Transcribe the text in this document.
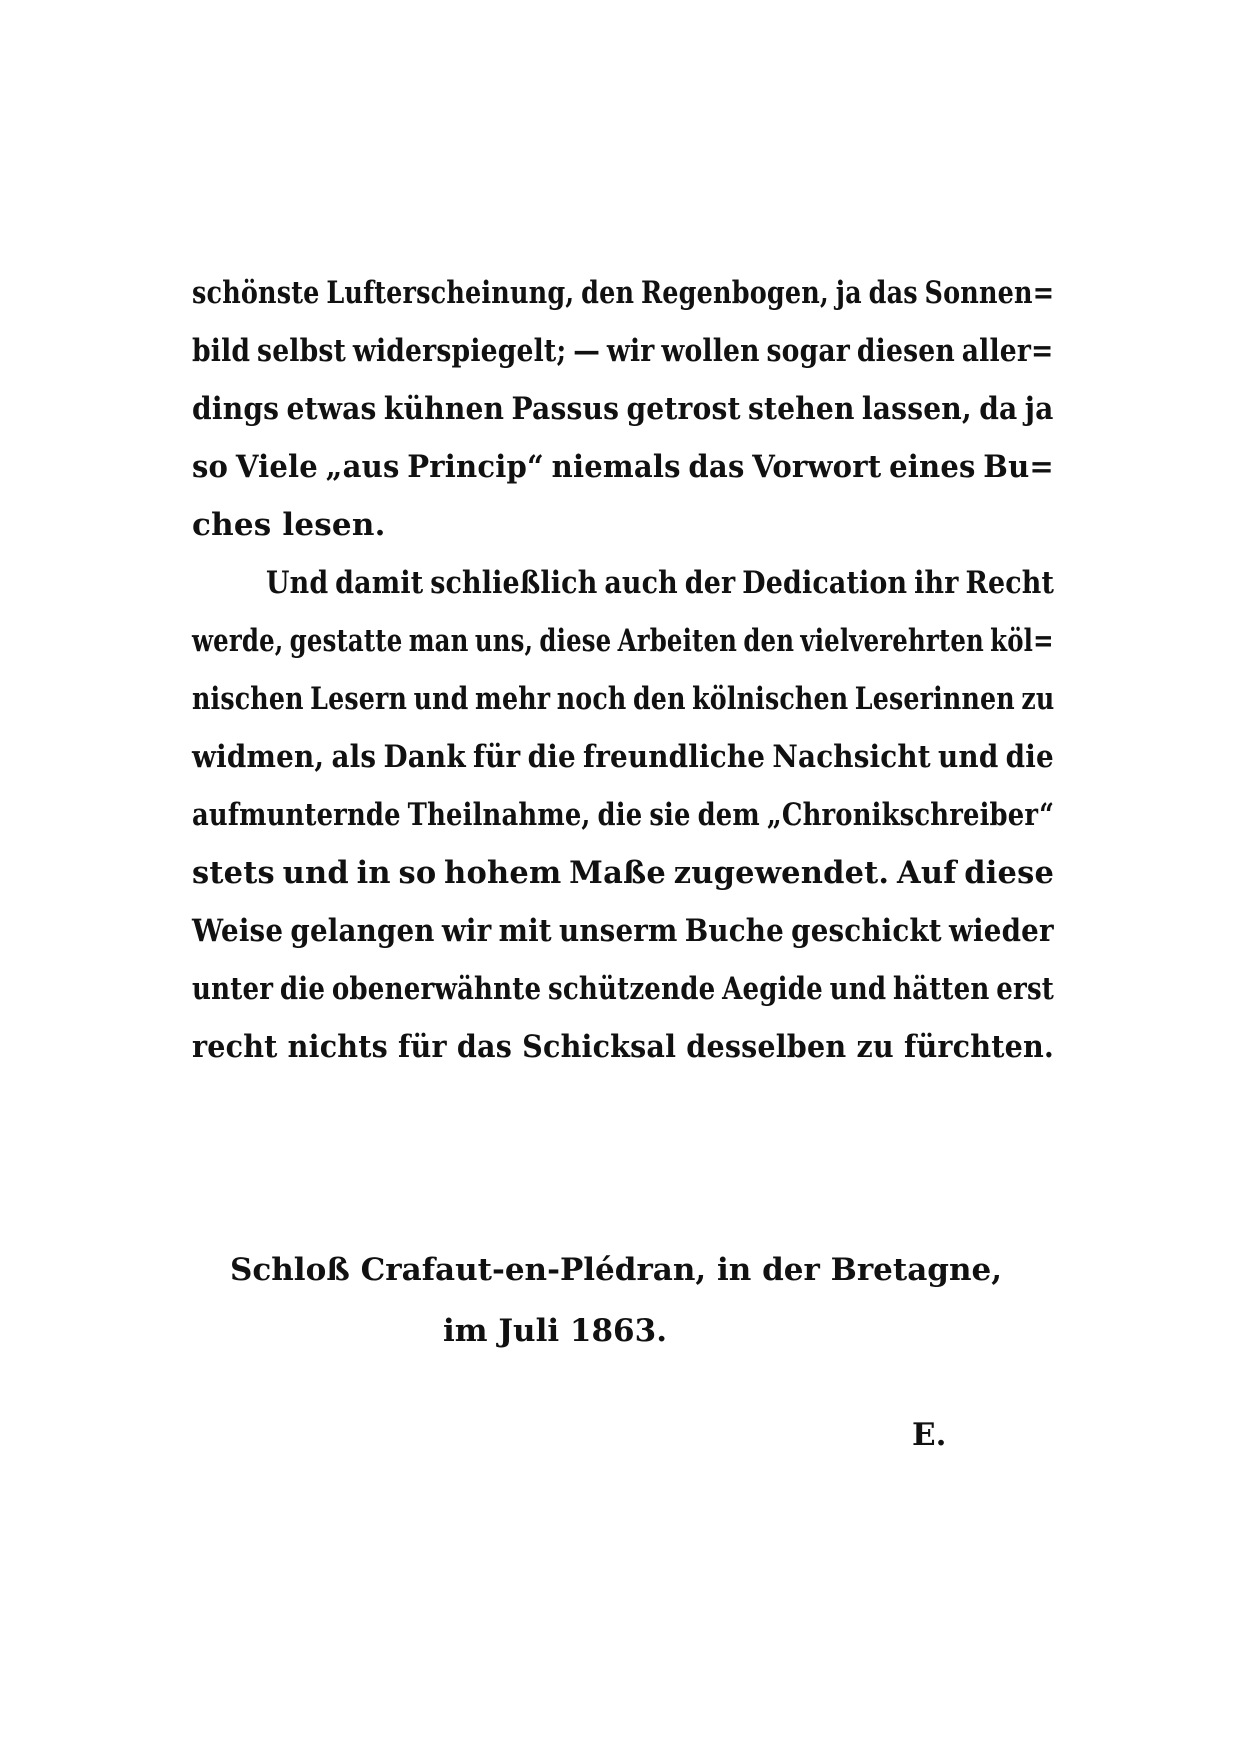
schönste Lufterscheinung, den Regenbogen, ja das Sonnen=
bild selbst widerspiegelt; — wir wollen sogar diesen aller=
dings etwas kühnen Passus getrost stehen lassen, da ja
so Viele „aus Princip“ niemals das Vorwort eines Bu=
ches lesen.
Und damit schließlich auch der Dedication ihr Recht
werde, gestatte man uns, diese Arbeiten den vielverehrten köl=
nischen Lesern und mehr noch den kölnischen Leserinnen zu
widmen, als Dank für die freundliche Nachsicht und die
aufmunternde Theilnahme, die sie dem „Chronikschreiber“
stets und in so hohem Maße zugewendet. Auf diese
Weise gelangen wir mit unserm Buche geschickt wieder
unter die obenerwähnte schützende Aegide und hätten erst
recht nichts für das Schicksal desselben zu fürchten.
Schloß Crafaut-en-Plédran, in der Bretagne,
im Juli 1863.
E.
